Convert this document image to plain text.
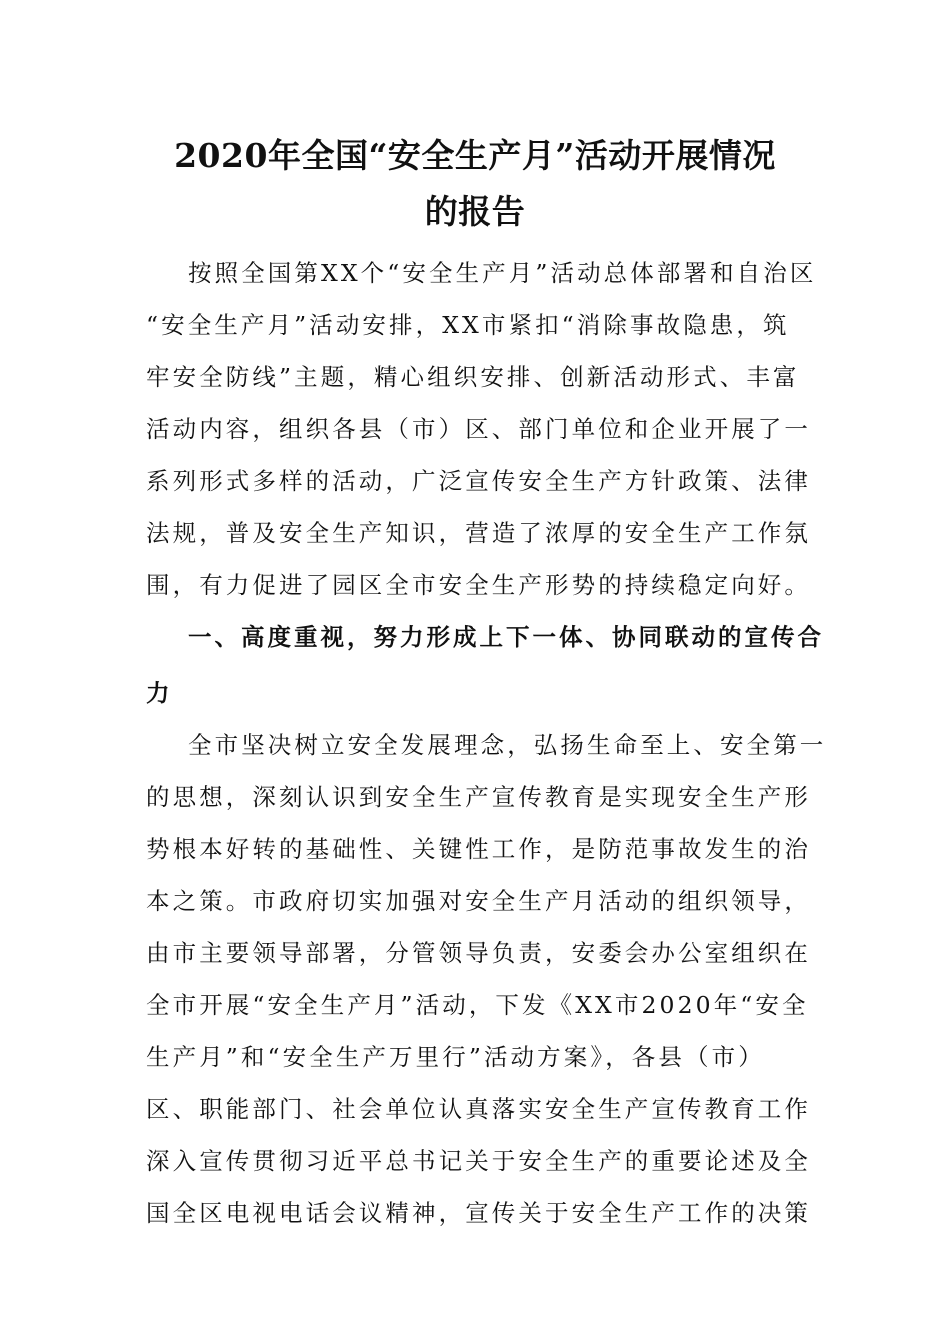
2020年全国“安全生产月”活动开展情况
的报告
按照全国第XX个“安全生产月”活动总体部署和自治区
“安全生产月”活动安排，XX市紧扣“消除事故隐患，筑
牢安全防线”主题，精心组织安排、创新活动形式、丰富
活动内容，组织各县（市）区、部门单位和企业开展了一
系列形式多样的活动，广泛宣传安全生产方针政策、法律
法规，普及安全生产知识，营造了浓厚的安全生产工作氛
围，有力促进了园区全市安全生产形势的持续稳定向好。
一、高度重视，努力形成上下一体、协同联动的宣传合
力
全市坚决树立安全发展理念，弘扬生命至上、安全第一
的思想，深刻认识到安全生产宣传教育是实现安全生产形
势根本好转的基础性、关键性工作，是防范事故发生的治
本之策。市政府切实加强对安全生产月活动的组织领导，
由市主要领导部署，分管领导负责，安委会办公室组织在
全市开展“安全生产月”活动，下发《XX市2020年“安全
生产月”和“安全生产万里行”活动方案》，各县（市）
区、职能部门、社会单位认真落实安全生产宣传教育工作
深入宣传贯彻习近平总书记关于安全生产的重要论述及全
国全区电视电话会议精神，宣传关于安全生产工作的决策
